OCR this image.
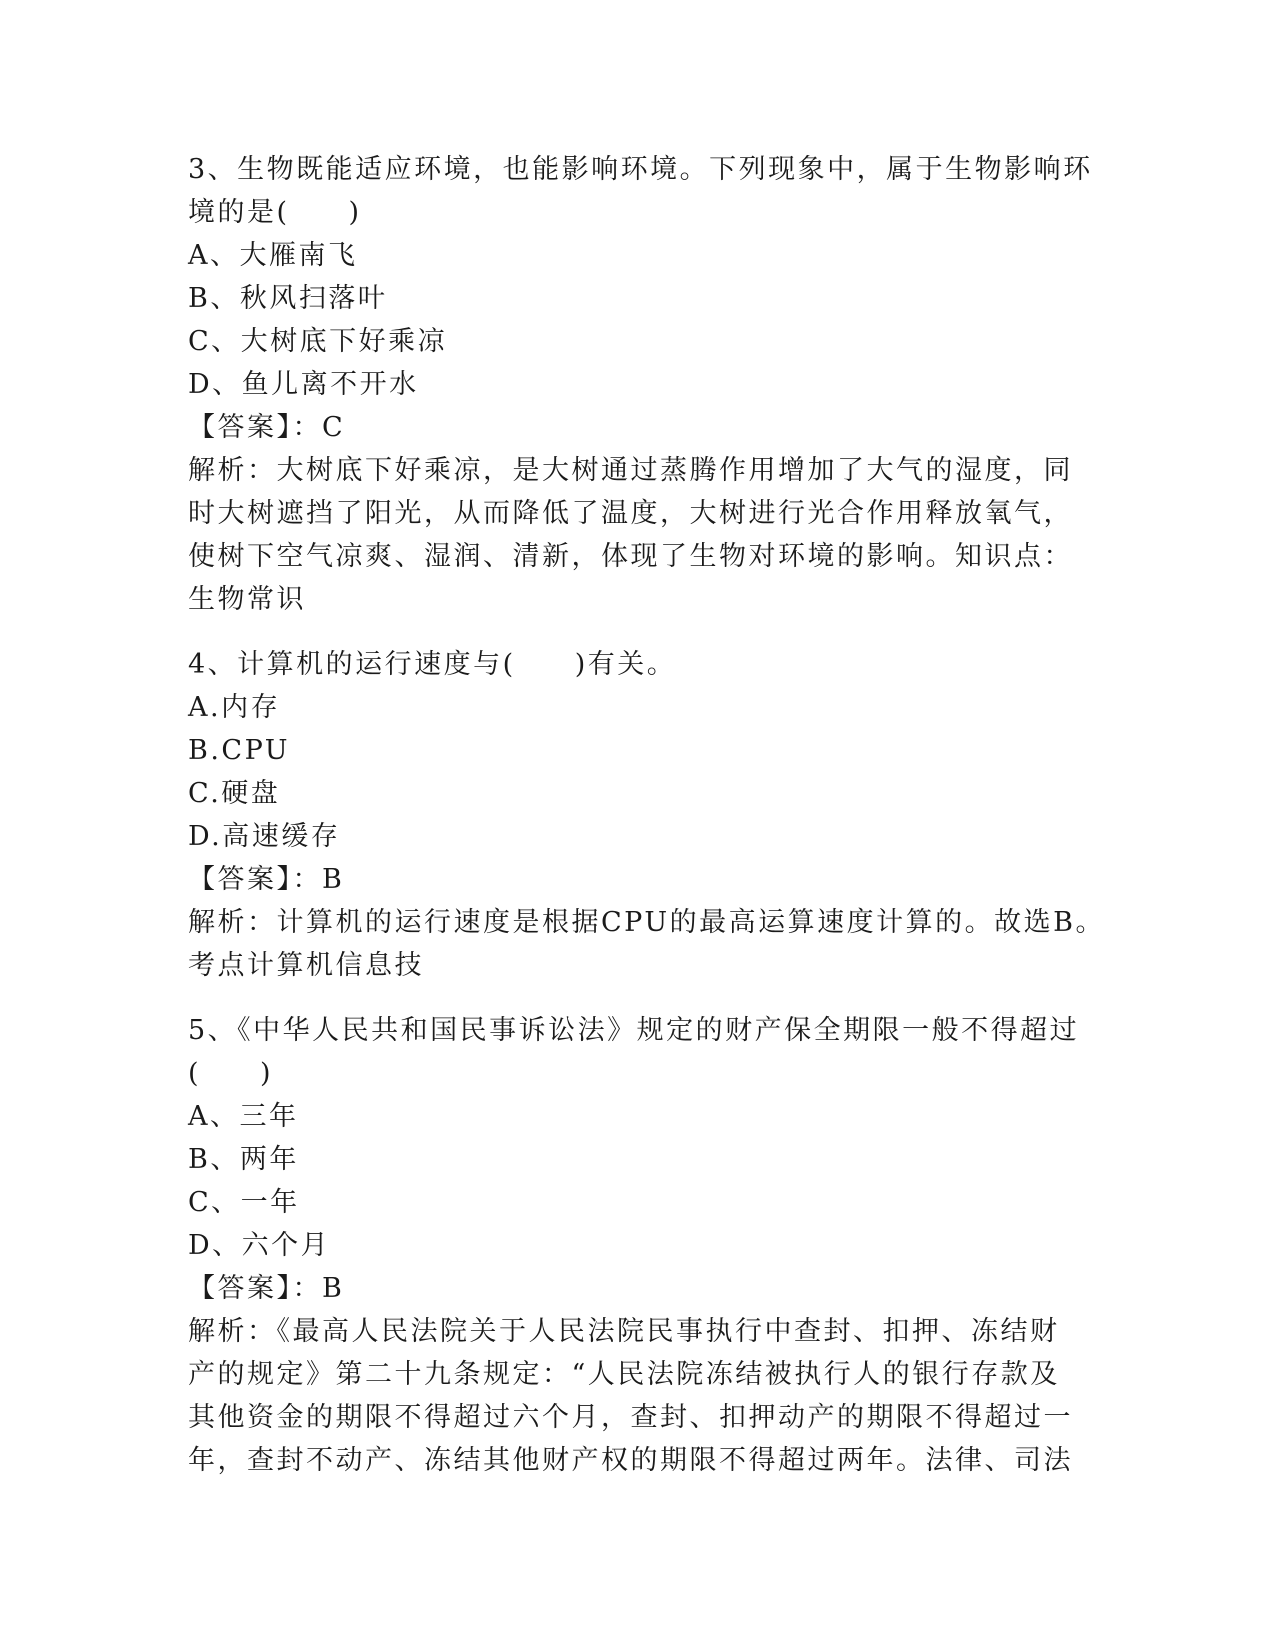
3、生物既能适应环境，也能影响环境。下列现象中，属于生物影响环
境的是(　　)
A、大雁南飞
B、秋风扫落叶
C、大树底下好乘凉
D、鱼儿离不开水
【答案】：C
解析：大树底下好乘凉，是大树通过蒸腾作用增加了大气的湿度，同
时大树遮挡了阳光，从而降低了温度，大树进行光合作用释放氧气，
使树下空气凉爽、湿润、清新，体现了生物对环境的影响。知识点：
生物常识
4、计算机的运行速度与(　　)有关。
A.内存
B.CPU
C.硬盘
D.高速缓存
【答案】：B
解析：计算机的运行速度是根据CPU的最高运算速度计算的。故选B。
考点计算机信息技
5、《中华人民共和国民事诉讼法》规定的财产保全期限一般不得超过
(　　)
A、三年
B、两年
C、一年
D、六个月
【答案】：B
解析：《最高人民法院关于人民法院民事执行中查封、扣押、冻结财
产的规定》第二十九条规定：“人民法院冻结被执行人的银行存款及
其他资金的期限不得超过六个月，查封、扣押动产的期限不得超过一
年，查封不动产、冻结其他财产权的期限不得超过两年。法律、司法
